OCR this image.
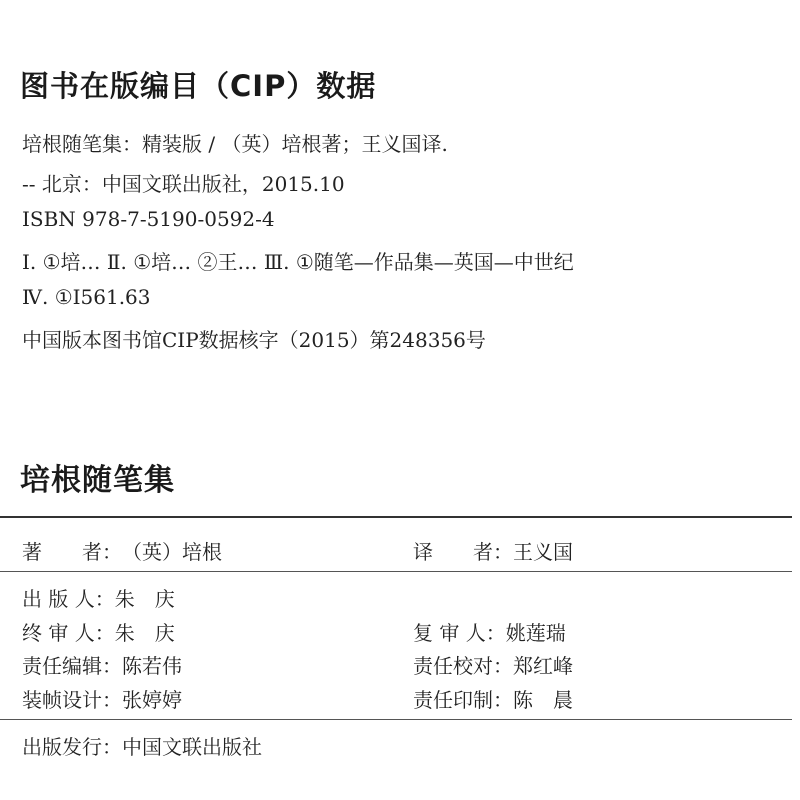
图书在版编目（CIP）数据
培根随笔集：精装版 / （英）培根著；王义国译.
-- 北京：中国文联出版社，2015.10
ISBN 978-7-5190-0592-4
Ⅰ. ①培… Ⅱ. ①培… ②王… Ⅲ. ①随笔—作品集—英国—中世纪
Ⅳ. ①I561.63
中国版本图书馆CIP数据核字（2015）第248356号
培根随笔集
著　　者：（英）培根	译　　者：王义国
出 版 人：朱　庆
终 审 人：朱　庆	复 审 人：姚莲瑞
责任编辑：陈若伟	责任校对：郑红峰
装帧设计：张婷婷	责任印制：陈　晨
出版发行：中国文联出版社
